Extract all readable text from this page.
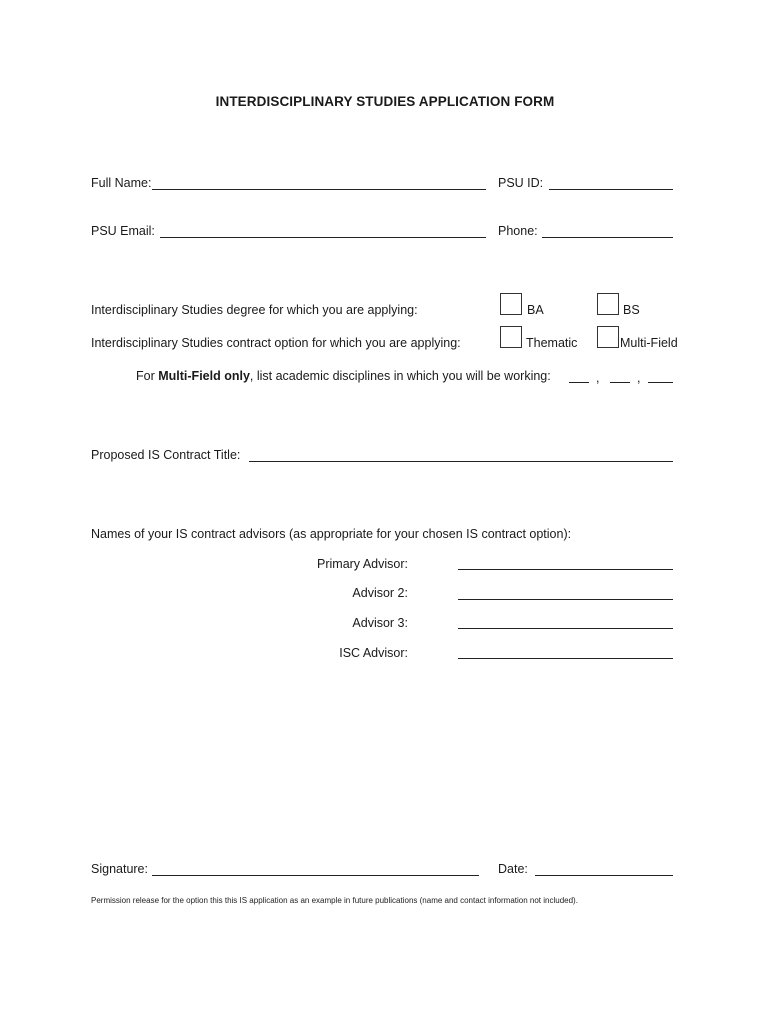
INTERDISCIPLINARY STUDIES APPLICATION FORM
Full Name:	PSU ID:
PSU Email:	Phone:
Interdisciplinary Studies degree for which you are applying:	BA	BS
Interdisciplinary Studies contract option for which you are applying:	Thematic	Multi-Field
For Multi-Field only, list academic disciplines in which you will be working:	,	,
Proposed IS Contract Title:
Names of your IS contract advisors (as appropriate for your chosen IS contract option):
Primary Advisor:
Advisor 2:
Advisor 3:
ISC Advisor:
Signature:	Date:
Permission release for the option this this IS application as an example in future publications (name and contact information not included).
